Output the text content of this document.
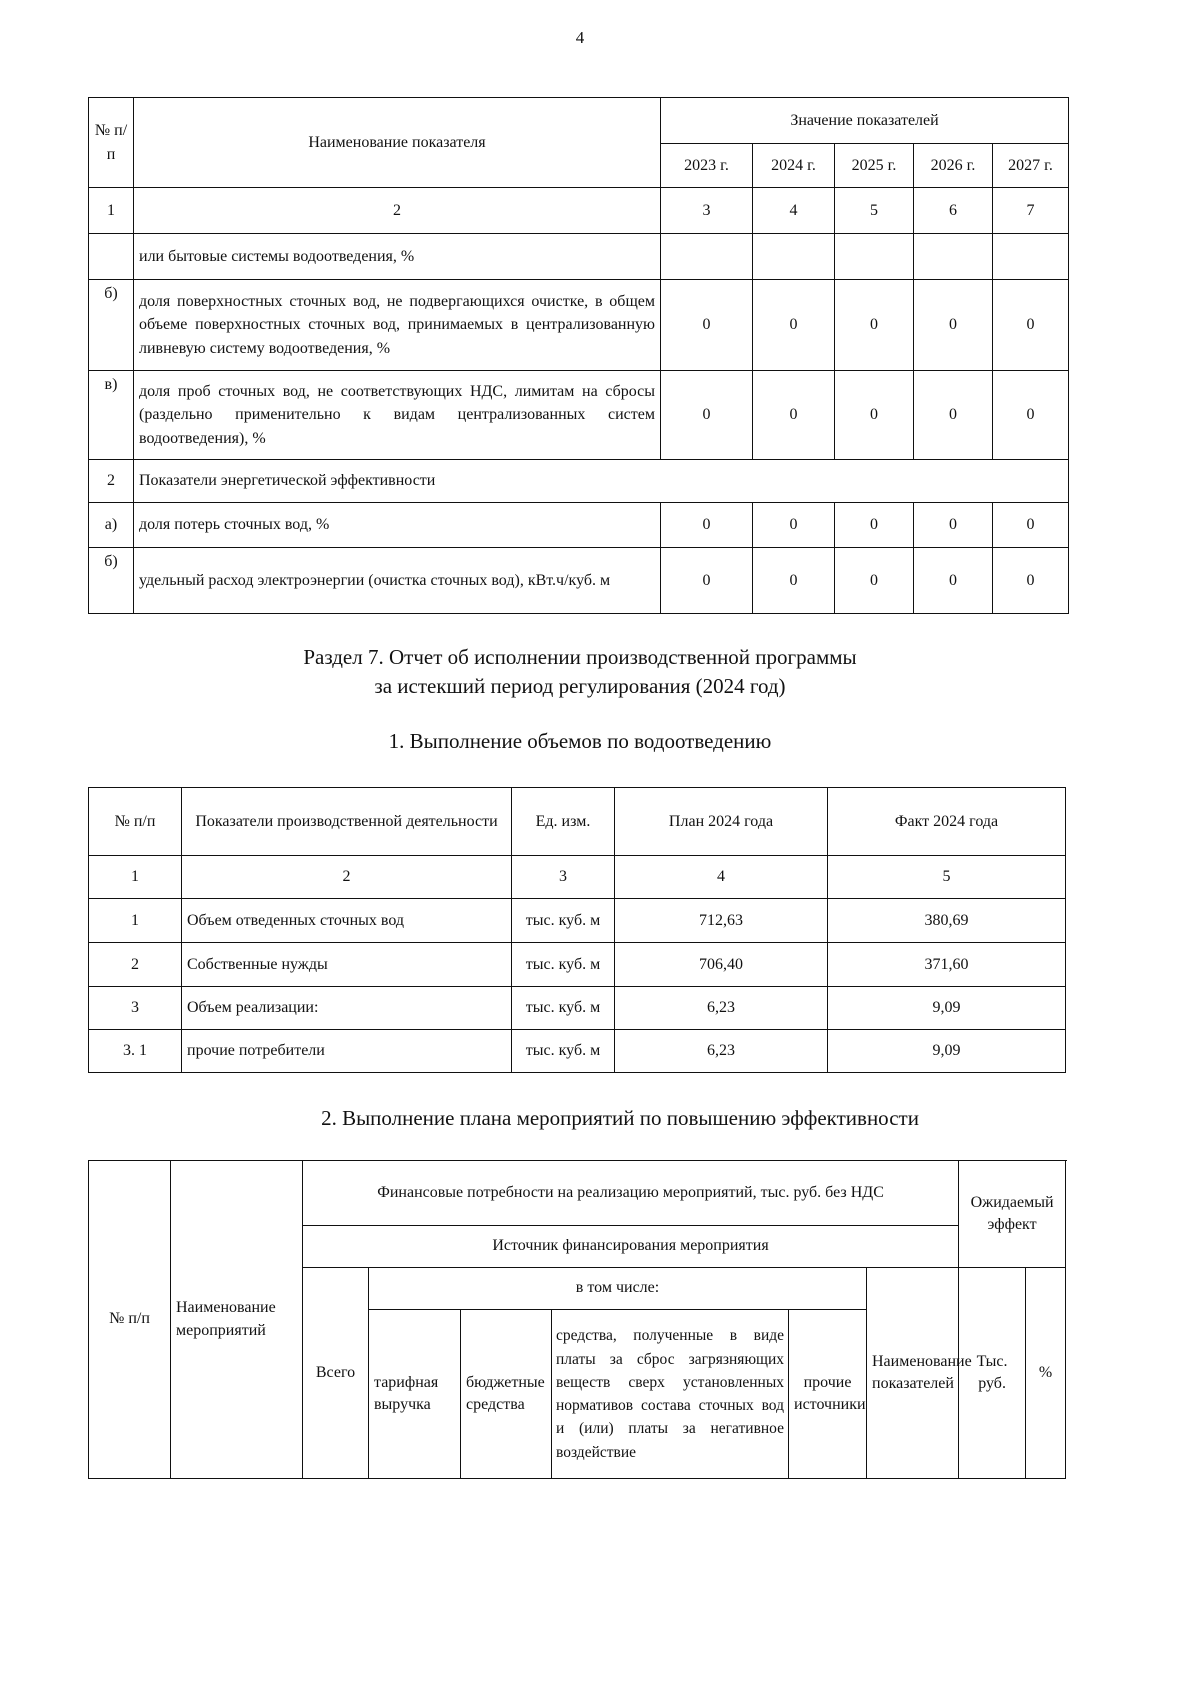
4
№ п/п	Наименование показателя	Значение показателей				
		2023 г.	2024 г.	2025 г.	2026 г.	2027 г.
1	2	3	4	5	6	7
	или бытовые системы водоотведения, %					
б)	доля поверхностных сточных вод, не подвергающихся очистке, в общем объеме поверхностных сточных вод, принимаемых в централизованную ливневую систему водоотведения, %	0	0	0	0	0
в)	доля проб сточных вод, не соответствующих НДС, лимитам на сбросы (раздельно применительно к видам централизованных систем водоотведения), %	0	0	0	0	0
2	Показатели энергетической эффективности					
а)	доля потерь сточных вод, %	0	0	0	0	0
б)	удельный расход электроэнергии (очистка сточных вод), кВт.ч/куб. м	0	0	0	0	0
Раздел 7. Отчет об исполнении производственной программы
за истекший период регулирования (2024 год)
1. Выполнение объемов по водоотведению
№ п/п	Показатели производственной деятельности	Ед. изм.	План 2024 года	Факт 2024 года
1	2	3	4	5
1	Объем отведенных сточных вод	тыс. куб. м	712,63	380,69
2	Собственные нужды	тыс. куб. м	706,40	371,60
3	Объем реализации:	тыс. куб. м	6,23	9,09
3. 1	прочие потребители	тыс. куб. м	6,23	9,09
2. Выполнение плана мероприятий по повышению эффективности
№ п/п	Наименование мероприятий	Финансовые потребности на реализацию мероприятий, тыс. руб. без НДС						Ожидаемый эффект	
		Источник финансирования мероприятия							
		Всего	в том числе:				Наименование показателей	Тыс. руб.	%
			тарифная выручка	бюджетные средства	средства, полученные в виде платы за сброс загрязняющих веществ сверх установленных нормативов состава сточных вод и (или) платы за негативное воздействие	прочие источники			
